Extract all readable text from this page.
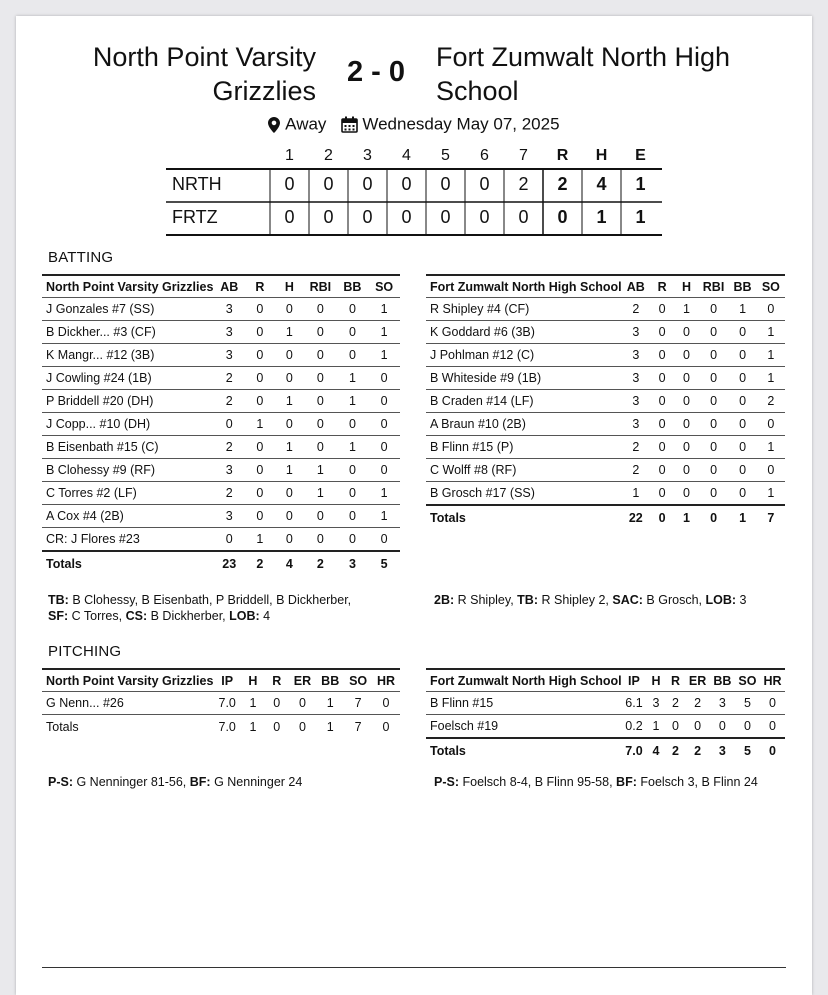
North Point Varsity Grizzlies
2 - 0	Fort Zumwalt North High School
Away Wednesday May 07, 2025
1	2	3	4	5	6	7	R	H	E
NRTH	0	0	0	0	0	0	2	2	4	1
FRTZ	0	0	0	0	0	0	0	0	1	1
BATTING
North Point Varsity Grizzlies	AB	R	H	RBI	BB	SO
J Gonzales #7 (SS)	3	0	0	0	0	1
B Dickher... #3 (CF)	3	0	1	0	0	1
K Mangr... #12 (3B)	3	0	0	0	0	1
J Cowling #24 (1B)	2	0	0	0	1	0
P Briddell #20 (DH)	2	0	1	0	1	0
J Copp... #10 (DH)	0	1	0	0	0	0
B Eisenbath #15 (C)	2	0	1	0	1	0
B Clohessy #9 (RF)	3	0	1	1	0	0
C Torres #2 (LF)	2	0	0	1	0	1
A Cox #4 (2B)	3	0	0	0	0	1
CR: J Flores #23	0	1	0	0	0	0
Totals	23	2	4	2	3	5
Fort Zumwalt North High School	AB	R	H	RBI	BB	SO
R Shipley #4 (CF)	2	0	1	0	1	0
K Goddard #6 (3B)	3	0	0	0	0	1
J Pohlman #12 (C)	3	0	0	0	0	1
B Whiteside #9 (1B)	3	0	0	0	0	1
B Craden #14 (LF)	3	0	0	0	0	2
A Braun #10 (2B)	3	0	0	0	0	0
B Flinn #15 (P)	2	0	0	0	0	1
C Wolff #8 (RF)	2	0	0	0	0	0
B Grosch #17 (SS)	1	0	0	0	0	1
Totals	22	0	1	0	1	7
TB: B Clohessy, B Eisenbath, P Briddell, B Dickherber,
SF: C Torres, CS: B Dickherber, LOB: 4
2B: R Shipley, TB: R Shipley 2, SAC: B Grosch, LOB: 3
PITCHING
North Point Varsity Grizzlies	IP	H	R	ER	BB	SO	HR
G Nenn... #26	7.0	1	0	0	1	7	0
Totals	7.0	1	0	0	1	7	0
Fort Zumwalt North High School	IP	H	R	ER	BB	SO	HR
B Flinn #15	6.1	3	2	2	3	5	0
Foelsch #19	0.2	1	0	0	0	0	0
Totals	7.0	4	2	2	3	5	0
P-S: G Nenninger 81-56, BF: G Nenninger 24	P-S: Foelsch 8-4, B Flinn 95-58, BF: Foelsch 3, B Flinn 24
